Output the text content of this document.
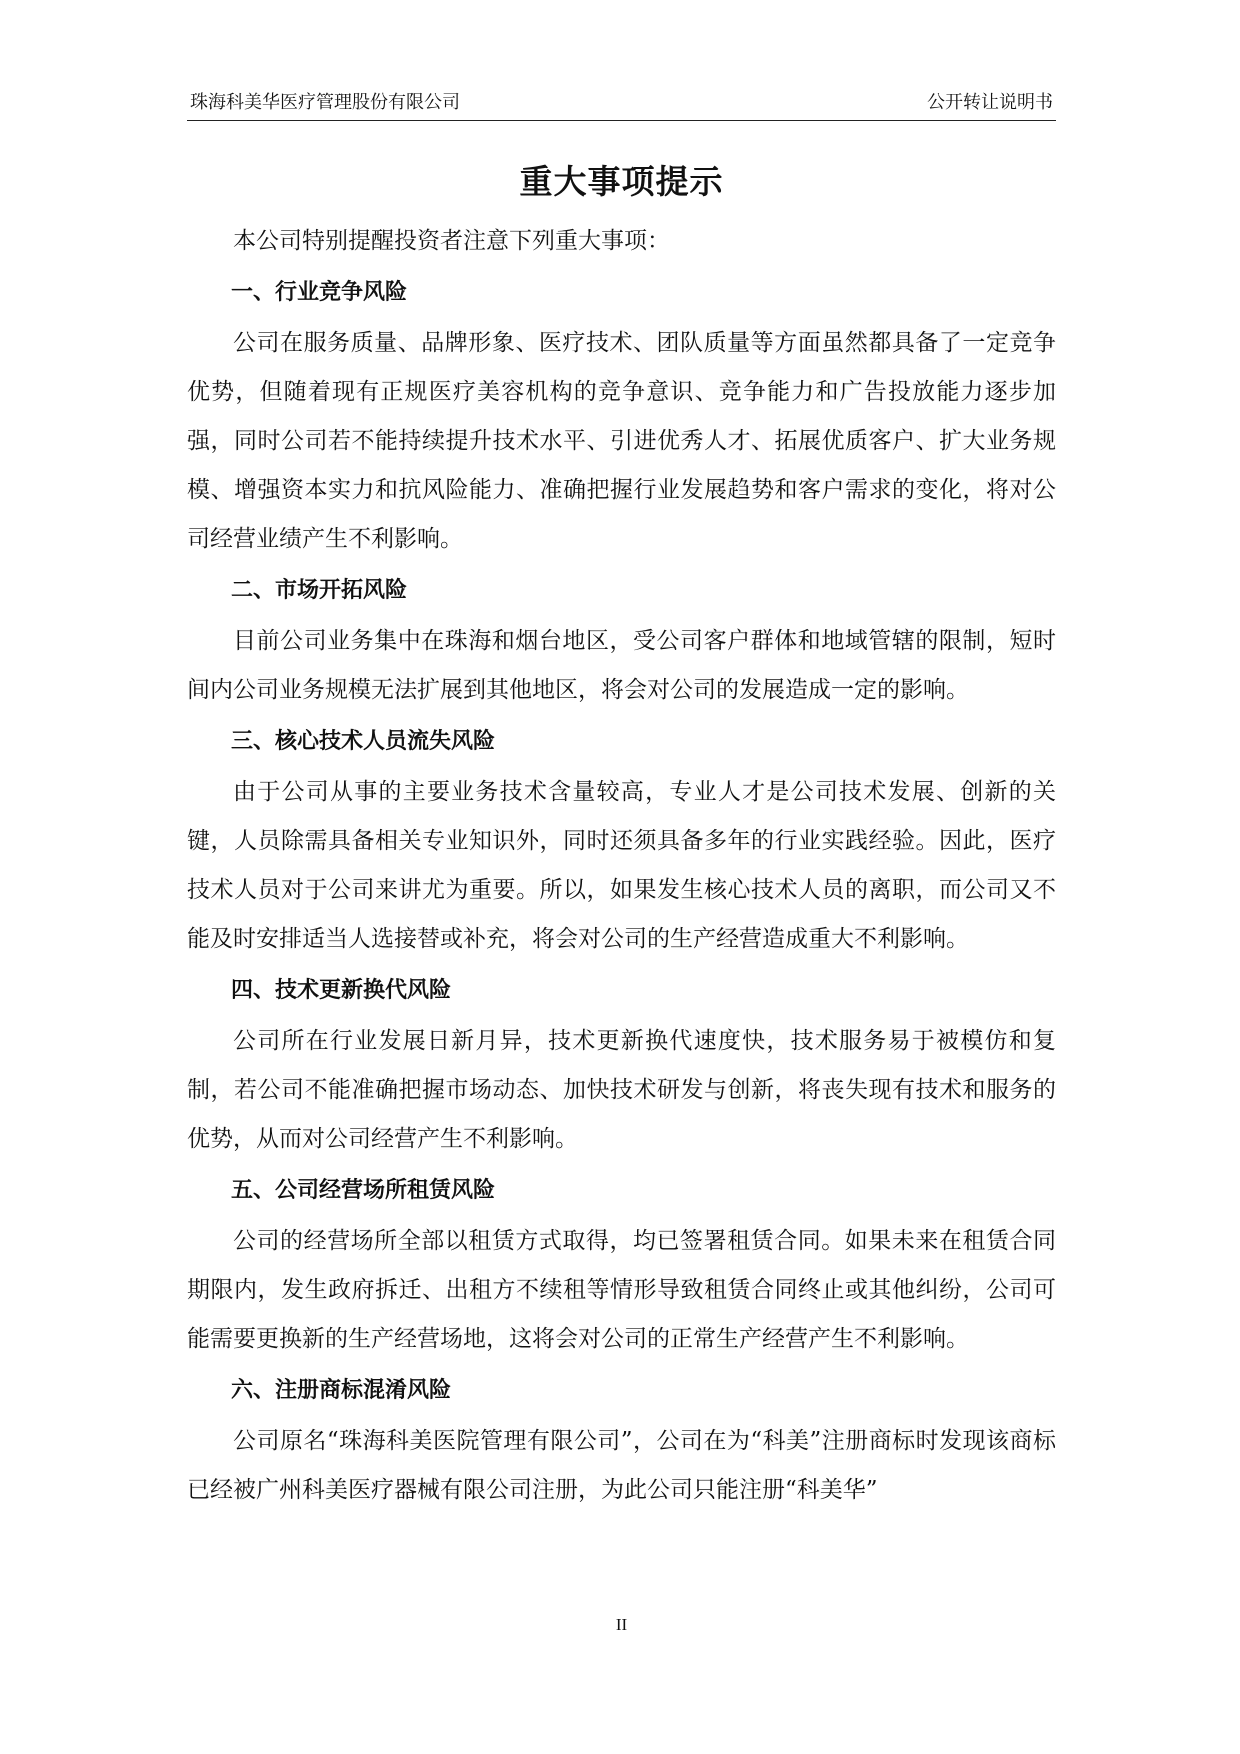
珠海科美华医疗管理股份有限公司	公开转让说明书
重大事项提示

本公司特别提醒投资者注意下列重大事项：

一、行业竞争风险

公司在服务质量、品牌形象、医疗技术、团队质量等方面虽然都具备了一定竞争优势，但随着现有正规医疗美容机构的竞争意识、竞争能力和广告投放能力逐步加强，同时公司若不能持续提升技术水平、引进优秀人才、拓展优质客户、扩大业务规模、增强资本实力和抗风险能力、准确把握行业发展趋势和客户需求的变化，将对公司经营业绩产生不利影响。

二、市场开拓风险

目前公司业务集中在珠海和烟台地区，受公司客户群体和地域管辖的限制，短时间内公司业务规模无法扩展到其他地区，将会对公司的发展造成一定的影响。

三、核心技术人员流失风险

由于公司从事的主要业务技术含量较高，专业人才是公司技术发展、创新的关键，人员除需具备相关专业知识外，同时还须具备多年的行业实践经验。因此，医疗技术人员对于公司来讲尤为重要。所以，如果发生核心技术人员的离职，而公司又不能及时安排适当人选接替或补充，将会对公司的生产经营造成重大不利影响。

四、技术更新换代风险

公司所在行业发展日新月异，技术更新换代速度快，技术服务易于被模仿和复制，若公司不能准确把握市场动态、加快技术研发与创新，将丧失现有技术和服务的优势，从而对公司经营产生不利影响。

五、公司经营场所租赁风险

公司的经营场所全部以租赁方式取得，均已签署租赁合同。如果未来在租赁合同期限内，发生政府拆迁、出租方不续租等情形导致租赁合同终止或其他纠纷，公司可能需要更换新的生产经营场地，这将会对公司的正常生产经营产生不利影响。

六、注册商标混淆风险

公司原名“珠海科美医院管理有限公司”，公司在为“科美”注册商标时发现该商标已经被广州科美医疗器械有限公司注册，为此公司只能注册“科美华”

II
